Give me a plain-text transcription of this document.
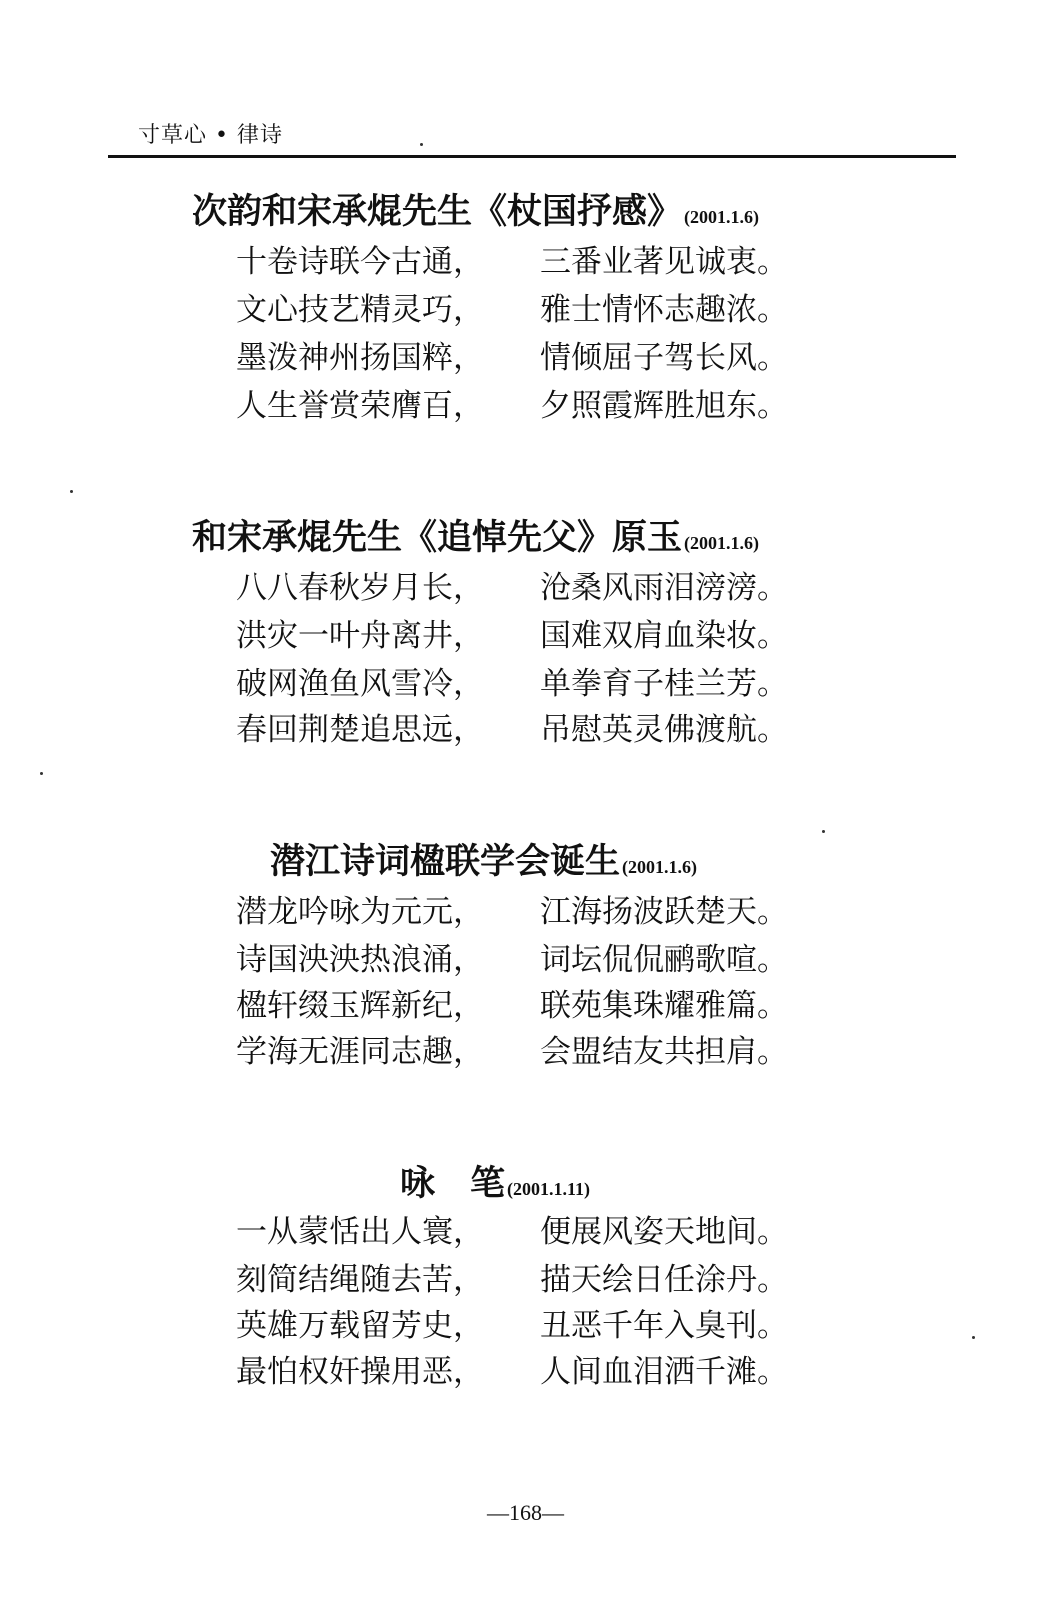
寸草心 • 律诗
次韵和宋承焜先生《杖国抒感》 (2001.1.6)
十卷诗联今古通， 三番业著见诚衷。
文心技艺精灵巧， 雅士情怀志趣浓。
墨泼神州扬国粹， 情倾屈子驾长风。
人生誉赏荣膺百， 夕照霞辉胜旭东。
和宋承焜先生《追悼先父》原玉 (2001.1.6)
八八春秋岁月长， 沧桑风雨泪滂滂。
洪灾一叶舟离井， 国难双肩血染妆。
破网渔鱼风雪冷， 单拳育子桂兰芳。
春回荆楚追思远， 吊慰英灵佛渡航。
潜江诗词楹联学会诞生 (2001.1.6)
潜龙吟咏为元元， 江海扬波跃楚天。
诗国泱泱热浪涌， 词坛侃侃鹂歌喧。
楹轩缀玉辉新纪， 联苑集珠耀雅篇。
学海无涯同志趣， 会盟结友共担肩。
咏　笔 (2001.1.11)
一从蒙恬出人寰， 便展风姿天地间。
刻简结绳随去苦， 描天绘日任涂丹。
英雄万载留芳史， 丑恶千年入臭刊。
最怕权奸操用恶， 人间血泪洒千滩。
—168—
